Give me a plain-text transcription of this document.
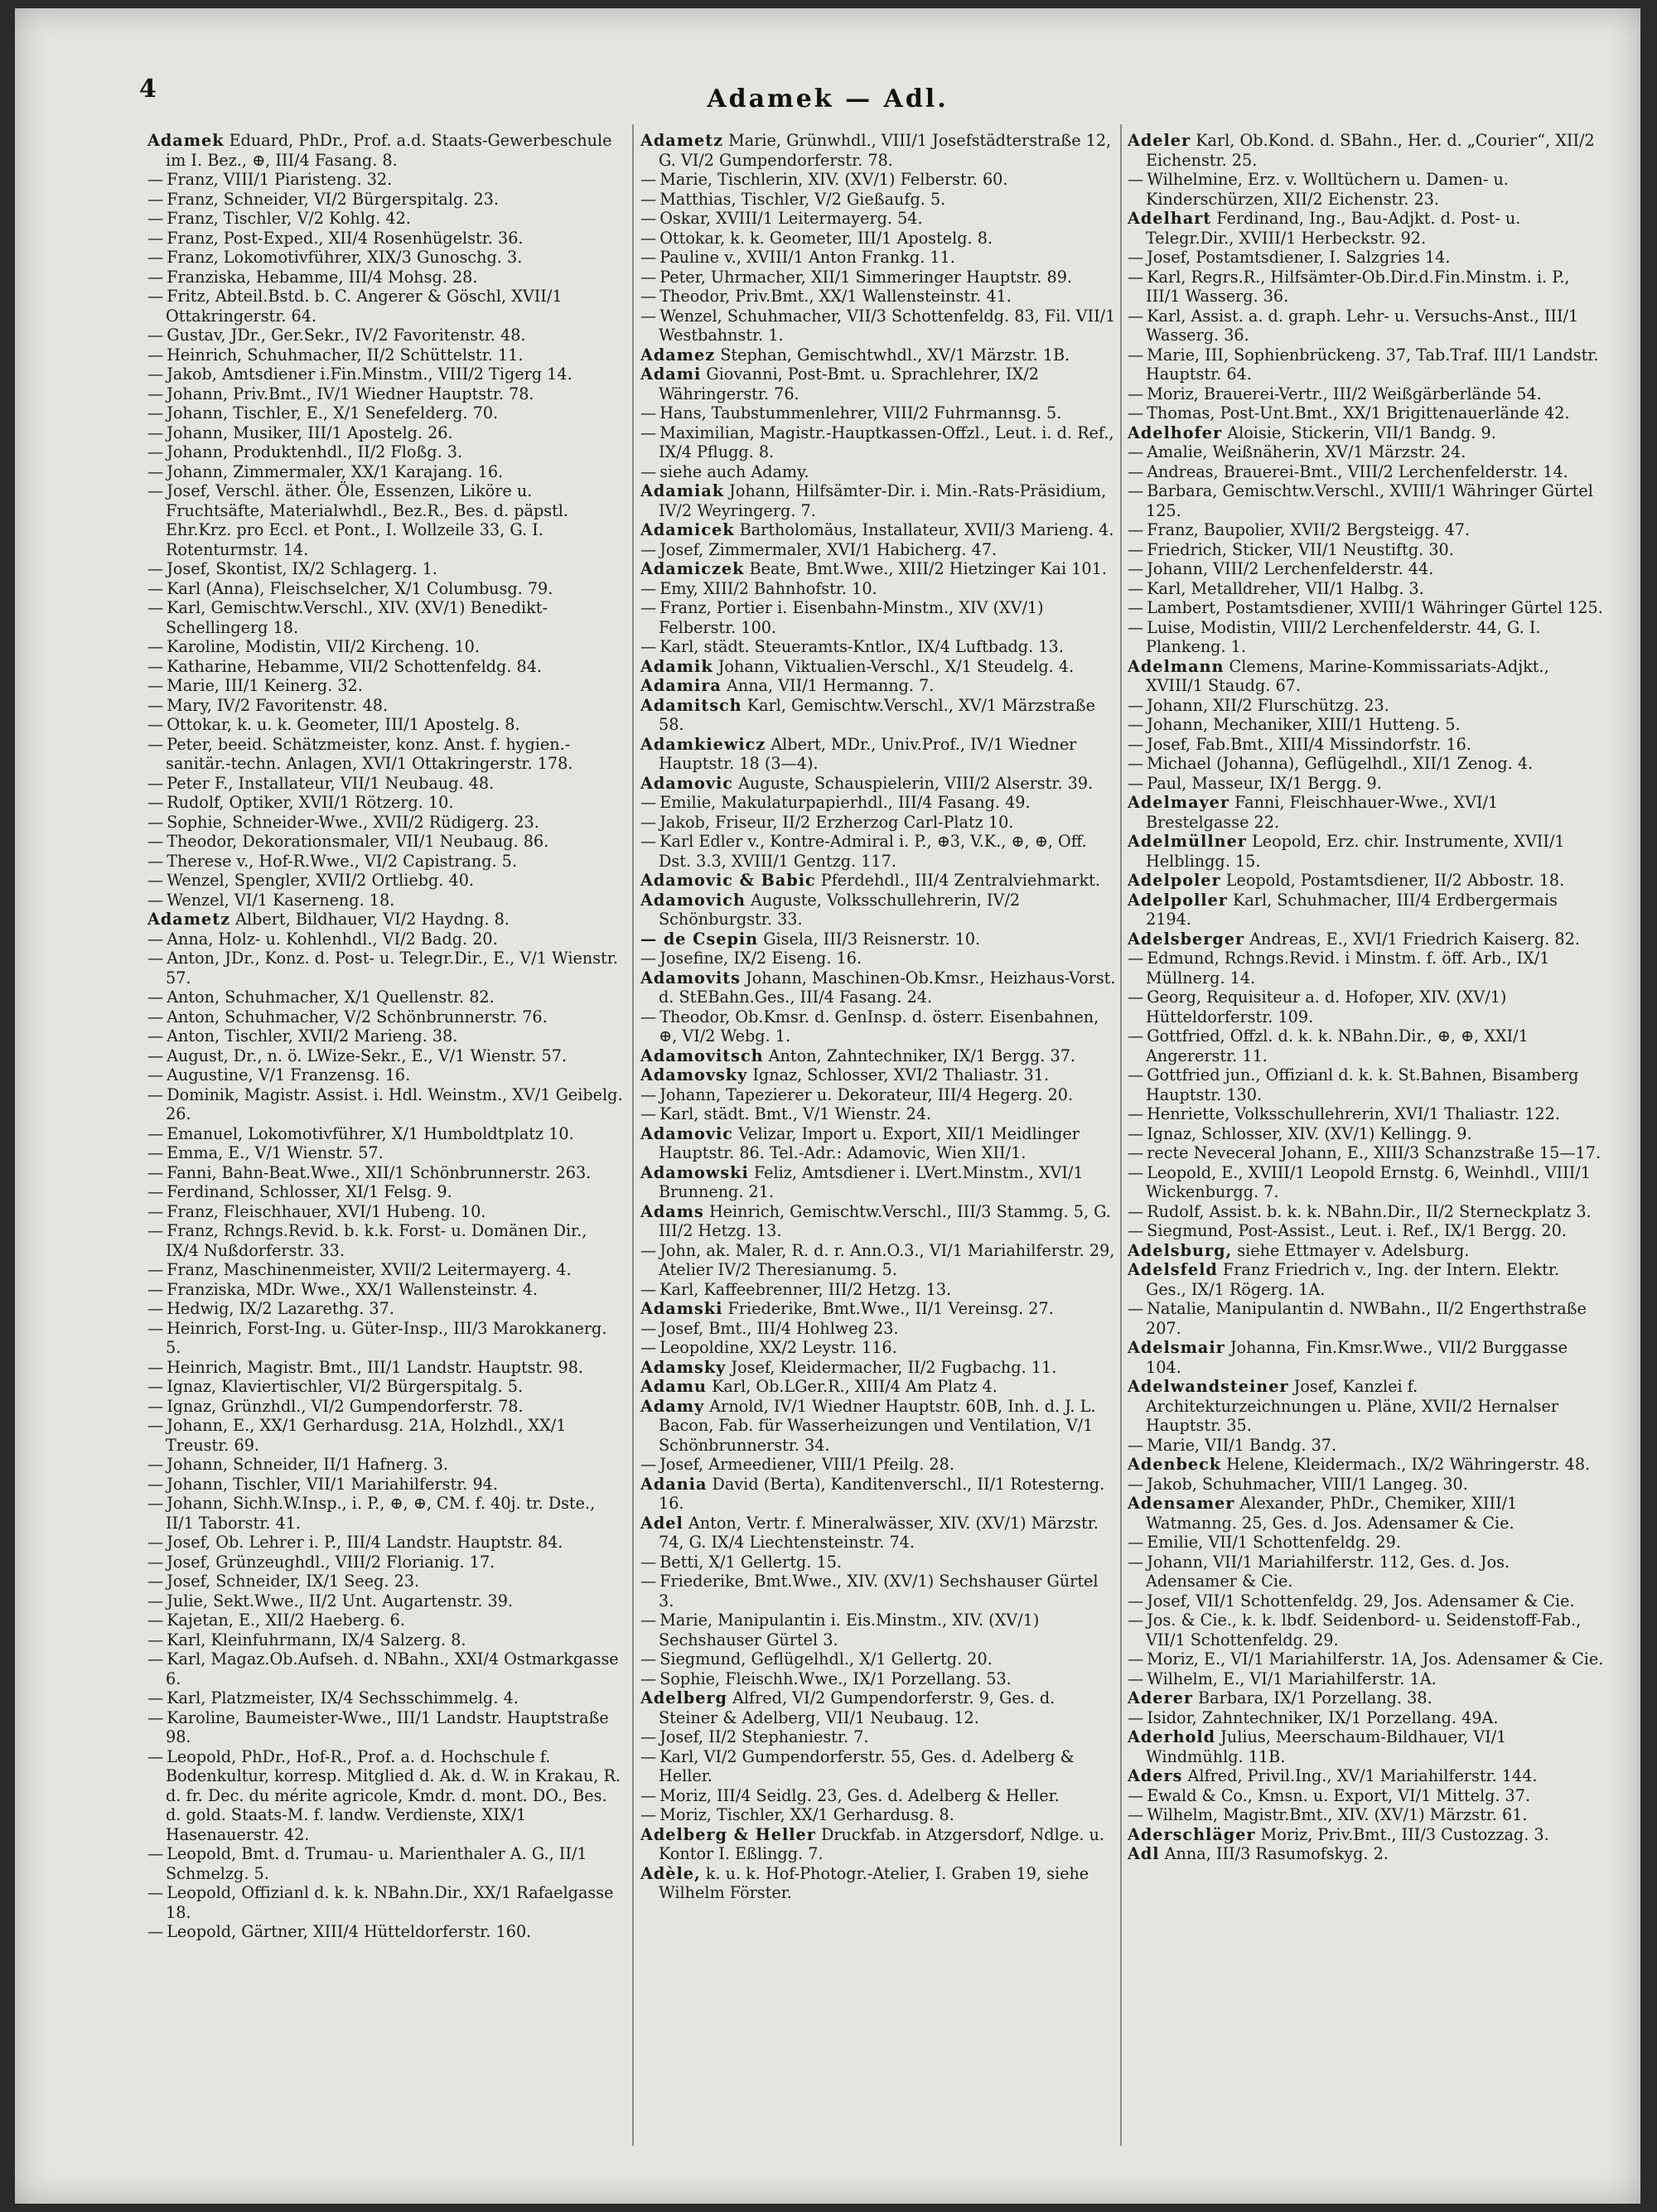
4	Adamek — Adl.

Adamek Eduard, PhDr., Prof. a.d. Staats-Gewerbeschule im I. Bez., ⊕, III/4 Fasang. 8.

— Franz, VIII/1 Piaristeng. 32.

— Franz, Schneider, VI/2 Bürgerspitalg. 23.

— Franz, Tischler, V/2 Kohlg. 42.

— Franz, Post-Exped., XII/4 Rosenhügelstr. 36.

— Franz, Lokomotivführer, XIX/3 Gunoschg. 3.

— Franziska, Hebamme, III/4 Mohsg. 28.

— Fritz, Abteil.Bstd. b. C. Angerer & Göschl, XVII/1 Ottakringerstr. 64.

— Gustav, JDr., Ger.Sekr., IV/2 Favoritenstr. 48.

— Heinrich, Schuhmacher, II/2 Schüttelstr. 11.

— Jakob, Amtsdiener i.Fin.Minstm., VIII/2 Tigerg 14.

— Johann, Priv.Bmt., IV/1 Wiedner Hauptstr. 78.

— Johann, Tischler, E., X/1 Senefelderg. 70.

— Johann, Musiker, III/1 Apostelg. 26.

— Johann, Produktenhdl., II/2 Floßg. 3.

— Johann, Zimmermaler, XX/1 Karajang. 16.

— Josef, Verschl. äther. Öle, Essenzen, Liköre u. Fruchtsäfte, Materialwhdl., Bez.R., Bes. d. päpstl. Ehr.Krz. pro Eccl. et Pont., I. Wollzeile 33, G. I. Rotenturmstr. 14.

— Josef, Skontist, IX/2 Schlagerg. 1.

— Karl (Anna), Fleischselcher, X/1 Columbusg. 79.

— Karl, Gemischtw.Verschl., XIV. (XV/1) Benedikt-Schellingerg 18.

— Karoline, Modistin, VII/2 Kircheng. 10.

— Katharine, Hebamme, VII/2 Schottenfeldg. 84.

— Marie, III/1 Keinerg. 32.

— Mary, IV/2 Favoritenstr. 48.

— Ottokar, k. u. k. Geometer, III/1 Apostelg. 8.

— Peter, beeid. Schätzmeister, konz. Anst. f. hygien.-sanitär.-techn. Anlagen, XVI/1 Ottakringerstr. 178.

— Peter F., Installateur, VII/1 Neubaug. 48.

— Rudolf, Optiker, XVII/1 Rötzerg. 10.

— Sophie, Schneider-Wwe., XVII/2 Rüdigerg. 23.

— Theodor, Dekorationsmaler, VII/1 Neubaug. 86.

— Therese v., Hof-R.Wwe., VI/2 Capistrang. 5.

— Wenzel, Spengler, XVII/2 Ortliebg. 40.

— Wenzel, VI/1 Kaserneng. 18.

Adametz Albert, Bildhauer, VI/2 Haydng. 8.

— Anna, Holz- u. Kohlenhdl., VI/2 Badg. 20.

— Anton, JDr., Konz. d. Post- u. Telegr.Dir., E., V/1 Wienstr. 57.

— Anton, Schuhmacher, X/1 Quellenstr. 82.

— Anton, Schuhmacher, V/2 Schönbrunnerstr. 76.

— Anton, Tischler, XVII/2 Marieng. 38.

— August, Dr., n. ö. LWize-Sekr., E., V/1 Wienstr. 57.

— Augustine, V/1 Franzensg. 16.

— Dominik, Magistr. Assist. i. Hdl. Weinstm., XV/1 Geibelg. 26.

— Emanuel, Lokomotivführer, X/1 Humboldtplatz 10.

— Emma, E., V/1 Wienstr. 57.

— Fanni, Bahn-Beat.Wwe., XII/1 Schönbrunnerstr. 263.

— Ferdinand, Schlosser, XI/1 Felsg. 9.

— Franz, Fleischhauer, XVI/1 Hubeng. 10.

— Franz, Rchngs.Revid. b. k.k. Forst- u. Domänen Dir., IX/4 Nußdorferstr. 33.

— Franz, Maschinenmeister, XVII/2 Leitermayerg. 4.

— Franziska, MDr. Wwe., XX/1 Wallensteinstr. 4.

— Hedwig, IX/2 Lazarethg. 37.

— Heinrich, Forst-Ing. u. Güter-Insp., III/3 Marokkanerg. 5.

— Heinrich, Magistr. Bmt., III/1 Landstr. Hauptstr. 98.

— Ignaz, Klaviertischler, VI/2 Bürgerspitalg. 5.

— Ignaz, Grünzhdl., VI/2 Gumpendorferstr. 78.

— Johann, E., XX/1 Gerhardusg. 21A, Holzhdl., XX/1 Treustr. 69.

— Johann, Schneider, II/1 Hafnerg. 3.

— Johann, Tischler, VII/1 Mariahilferstr. 94.

— Johann, Sichh.W.Insp., i. P., ⊕, ⊕, CM. f. 40j. tr. Dste., II/1 Taborstr. 41.

— Josef, Ob. Lehrer i. P., III/4 Landstr. Hauptstr. 84.

— Josef, Grünzeughdl., VIII/2 Florianig. 17.

— Josef, Schneider, IX/1 Seeg. 23.

— Julie, Sekt.Wwe., II/2 Unt. Augartenstr. 39.

— Kajetan, E., XII/2 Haeberg. 6.

— Karl, Kleinfuhrmann, IX/4 Salzerg. 8.

— Karl, Magaz.Ob.Aufseh. d. NBahn., XXI/4 Ostmarkgasse 6.

— Karl, Platzmeister, IX/4 Sechsschimmelg. 4.

— Karoline, Baumeister-Wwe., III/1 Landstr. Hauptstraße 98.

— Leopold, PhDr., Hof-R., Prof. a. d. Hochschule f. Bodenkultur, korresp. Mitglied d. Ak. d. W. in Krakau, R. d. fr. Dec. du mérite agricole, Kmdr. d. mont. DO., Bes. d. gold. Staats-M. f. landw. Verdienste, XIX/1 Hasenauerstr. 42.

— Leopold, Bmt. d. Trumau- u. Marienthaler A. G., II/1 Schmelzg. 5.

— Leopold, Offizianl d. k. k. NBahn.Dir., XX/1 Rafaelgasse 18.

— Leopold, Gärtner, XIII/4 Hütteldorferstr. 160.

Adametz Marie, Grünwhdl., VIII/1 Josefstädterstraße 12, G. VI/2 Gumpendorferstr. 78.

— Marie, Tischlerin, XIV. (XV/1) Felberstr. 60.

— Matthias, Tischler, V/2 Gießaufg. 5.

— Oskar, XVIII/1 Leitermayerg. 54.

— Ottokar, k. k. Geometer, III/1 Apostelg. 8.

— Pauline v., XVIII/1 Anton Frankg. 11.

— Peter, Uhrmacher, XII/1 Simmeringer Hauptstr. 89.

— Theodor, Priv.Bmt., XX/1 Wallensteinstr. 41.

— Wenzel, Schuhmacher, VII/3 Schottenfeldg. 83, Fil. VII/1 Westbahnstr. 1.

Adamez Stephan, Gemischtwhdl., XV/1 Märzstr. 1B.

Adami Giovanni, Post-Bmt. u. Sprachlehrer, IX/2 Währingerstr. 76.

— Hans, Taubstummenlehrer, VIII/2 Fuhrmannsg. 5.

— Maximilian, Magistr.-Hauptkassen-Offzl., Leut. i. d. Ref., IX/4 Pflugg. 8.

— siehe auch Adamy.

Adamiak Johann, Hilfsämter-Dir. i. Min.-Rats-Präsidium, IV/2 Weyringerg. 7.

Adamicek Bartholomäus, Installateur, XVII/3 Marieng. 4.

— Josef, Zimmermaler, XVI/1 Habicherg. 47.

Adamiczek Beate, Bmt.Wwe., XIII/2 Hietzinger Kai 101.

— Emy, XIII/2 Bahnhofstr. 10.

— Franz, Portier i. Eisenbahn-Minstm., XIV (XV/1) Felberstr. 100.

— Karl, städt. Steueramts-Kntlor., IX/4 Luftbadg. 13.

Adamik Johann, Viktualien-Verschl., X/1 Steudelg. 4.

Adamira Anna, VII/1 Hermanng. 7.

Adamitsch Karl, Gemischtw.Verschl., XV/1 Märzstraße 58.

Adamkiewicz Albert, MDr., Univ.Prof., IV/1 Wiedner Hauptstr. 18 (3—4).

Adamovic Auguste, Schauspielerin, VIII/2 Alserstr. 39.

— Emilie, Makulaturpapierhdl., III/4 Fasang. 49.

— Jakob, Friseur, II/2 Erzherzog Carl-Platz 10.

— Karl Edler v., Kontre-Admiral i. P., ⊕3, V.K., ⊕, ⊕, Off. Dst. 3.3, XVIII/1 Gentzg. 117.

Adamovic & Babic Pferdehdl., III/4 Zentralviehmarkt.

Adamovich Auguste, Volksschullehrerin, IV/2 Schönburgstr. 33.

— de Csepin Gisela, III/3 Reisnerstr. 10.

— Josefine, IX/2 Eiseng. 16.

Adamovits Johann, Maschinen-Ob.Kmsr., Heizhaus-Vorst. d. StEBahn.Ges., III/4 Fasang. 24.

— Theodor, Ob.Kmsr. d. GenInsp. d. österr. Eisenbahnen, ⊕, VI/2 Webg. 1.

Adamovitsch Anton, Zahntechniker, IX/1 Bergg. 37.

Adamovsky Ignaz, Schlosser, XVI/2 Thaliastr. 31.

— Johann, Tapezierer u. Dekorateur, III/4 Hegerg. 20.

— Karl, städt. Bmt., V/1 Wienstr. 24.

Adamovic Velizar, Import u. Export, XII/1 Meidlinger Hauptstr. 86. Tel.-Adr.: Adamovic, Wien XII/1.

Adamowski Feliz, Amtsdiener i. LVert.Minstm., XVI/1 Brunneng. 21.

Adams Heinrich, Gemischtw.Verschl., III/3 Stammg. 5, G. III/2 Hetzg. 13.

— John, ak. Maler, R. d. r. Ann.O.3., VI/1 Mariahilferstr. 29, Atelier IV/2 Theresianumg. 5.

— Karl, Kaffeebrenner, III/2 Hetzg. 13.

Adamski Friederike, Bmt.Wwe., II/1 Vereinsg. 27.

— Josef, Bmt., III/4 Hohlweg 23.

— Leopoldine, XX/2 Leystr. 116.

Adamsky Josef, Kleidermacher, II/2 Fugbachg. 11.

Adamu Karl, Ob.LGer.R., XIII/4 Am Platz 4.

Adamy Arnold, IV/1 Wiedner Hauptstr. 60B, Inh. d. J. L. Bacon, Fab. für Wasserheizungen und Ventilation, V/1 Schönbrunnerstr. 34.

— Josef, Armeediener, VIII/1 Pfeilg. 28.

Adania David (Berta), Kanditenverschl., II/1 Rotesterng. 16.

Adel Anton, Vertr. f. Mineralwässer, XIV. (XV/1) Märzstr. 74, G. IX/4 Liechtensteinstr. 74.

— Betti, X/1 Gellertg. 15.

— Friederike, Bmt.Wwe., XIV. (XV/1) Sechshauser Gürtel 3.

— Marie, Manipulantin i. Eis.Minstm., XIV. (XV/1) Sechshauser Gürtel 3.

— Siegmund, Geflügelhdl., X/1 Gellertg. 20.

— Sophie, Fleischh.Wwe., IX/1 Porzellang. 53.

Adelberg Alfred, VI/2 Gumpendorferstr. 9, Ges. d. Steiner & Adelberg, VII/1 Neubaug. 12.

— Josef, II/2 Stephaniestr. 7.

— Karl, VI/2 Gumpendorferstr. 55, Ges. d. Adelberg & Heller.

— Moriz, III/4 Seidlg. 23, Ges. d. Adelberg & Heller.

— Moriz, Tischler, XX/1 Gerhardusg. 8.

Adelberg & Heller Druckfab. in Atzgersdorf, Ndlge. u. Kontor I. Eßlingg. 7.

Adèle, k. u. k. Hof-Photogr.-Atelier, I. Graben 19, siehe Wilhelm Förster.

Adeler Karl, Ob.Kond. d. SBahn., Her. d. „Courier“, XII/2 Eichenstr. 25.

— Wilhelmine, Erz. v. Wolltüchern u. Damen- u. Kinderschürzen, XII/2 Eichenstr. 23.

Adelhart Ferdinand, Ing., Bau-Adjkt. d. Post- u. Telegr.Dir., XVIII/1 Herbeckstr. 92.

— Josef, Postamtsdiener, I. Salzgries 14.

— Karl, Regrs.R., Hilfsämter-Ob.Dir.d.Fin.Minstm. i. P., III/1 Wasserg. 36.

— Karl, Assist. a. d. graph. Lehr- u. Versuchs-Anst., III/1 Wasserg. 36.

— Marie, III, Sophienbrückeng. 37, Tab.Traf. III/1 Landstr. Hauptstr. 64.

— Moriz, Brauerei-Vertr., III/2 Weißgärberlände 54.

— Thomas, Post-Unt.Bmt., XX/1 Brigittenauerlände 42.

Adelhofer Aloisie, Stickerin, VII/1 Bandg. 9.

— Amalie, Weißnäherin, XV/1 Märzstr. 24.

— Andreas, Brauerei-Bmt., VIII/2 Lerchenfelderstr. 14.

— Barbara, Gemischtw.Verschl., XVIII/1 Währinger Gürtel 125.

— Franz, Baupolier, XVII/2 Bergsteigg. 47.

— Friedrich, Sticker, VII/1 Neustiftg. 30.

— Johann, VIII/2 Lerchenfelderstr. 44.

— Karl, Metalldreher, VII/1 Halbg. 3.

— Lambert, Postamtsdiener, XVIII/1 Währinger Gürtel 125.

— Luise, Modistin, VIII/2 Lerchenfelderstr. 44, G. I. Plankeng. 1.

Adelmann Clemens, Marine-Kommissariats-Adjkt., XVIII/1 Staudg. 67.

— Johann, XII/2 Flurschützg. 23.

— Johann, Mechaniker, XIII/1 Hutteng. 5.

— Josef, Fab.Bmt., XIII/4 Missindorfstr. 16.

— Michael (Johanna), Geflügelhdl., XII/1 Zenog. 4.

— Paul, Masseur, IX/1 Bergg. 9.

Adelmayer Fanni, Fleischhauer-Wwe., XVI/1 Brestelgasse 22.

Adelmüllner Leopold, Erz. chir. Instrumente, XVII/1 Helblingg. 15.

Adelpoler Leopold, Postamtsdiener, II/2 Abbostr. 18.

Adelpoller Karl, Schuhmacher, III/4 Erdbergermais 2194.

Adelsberger Andreas, E., XVI/1 Friedrich Kaiserg. 82.

— Edmund, Rchngs.Revid. i Minstm. f. öff. Arb., IX/1 Müllnerg. 14.

— Georg, Requisiteur a. d. Hofoper, XIV. (XV/1) Hütteldorferstr. 109.

— Gottfried, Offzl. d. k. k. NBahn.Dir., ⊕, ⊕, XXI/1 Angererstr. 11.

— Gottfried jun., Offizianl d. k. k. St.Bahnen, Bisamberg Hauptstr. 130.

— Henriette, Volksschullehrerin, XVI/1 Thaliastr. 122.

— Ignaz, Schlosser, XIV. (XV/1) Kellingg. 9.

— recte Neveceral Johann, E., XIII/3 Schanzstraße 15—17.

— Leopold, E., XVIII/1 Leopold Ernstg. 6, Weinhdl., VIII/1 Wickenburgg. 7.

— Rudolf, Assist. b. k. k. NBahn.Dir., II/2 Sterneckplatz 3.

— Siegmund, Post-Assist., Leut. i. Ref., IX/1 Bergg. 20.

Adelsburg, siehe Ettmayer v. Adelsburg.

Adelsfeld Franz Friedrich v., Ing. der Intern. Elektr. Ges., IX/1 Rögerg. 1A.

— Natalie, Manipulantin d. NWBahn., II/2 Engerthstraße 207.

Adelsmair Johanna, Fin.Kmsr.Wwe., VII/2 Burggasse 104.

Adelwandsteiner Josef, Kanzlei f. Architekturzeichnungen u. Pläne, XVII/2 Hernalser Hauptstr. 35.

— Marie, VII/1 Bandg. 37.

Adenbeck Helene, Kleidermach., IX/2 Währingerstr. 48.

— Jakob, Schuhmacher, VIII/1 Langeg. 30.

Adensamer Alexander, PhDr., Chemiker, XIII/1 Watmanng. 25, Ges. d. Jos. Adensamer & Cie.

— Emilie, VII/1 Schottenfeldg. 29.

— Johann, VII/1 Mariahilferstr. 112, Ges. d. Jos. Adensamer & Cie.

— Josef, VII/1 Schottenfeldg. 29, Jos. Adensamer & Cie.

— Jos. & Cie., k. k. lbdf. Seidenbord- u. Seidenstoff-Fab., VII/1 Schottenfeldg. 29.

— Moriz, E., VI/1 Mariahilferstr. 1A, Jos. Adensamer & Cie.

— Wilhelm, E., VI/1 Mariahilferstr. 1A.

Aderer Barbara, IX/1 Porzellang. 38.

— Isidor, Zahntechniker, IX/1 Porzellang. 49A.

Aderhold Julius, Meerschaum-Bildhauer, VI/1 Windmühlg. 11B.

Aders Alfred, Privil.Ing., XV/1 Mariahilferstr. 144.

— Ewald & Co., Kmsn. u. Export, VI/1 Mittelg. 37.

— Wilhelm, Magistr.Bmt., XIV. (XV/1) Märzstr. 61.

Aderschläger Moriz, Priv.Bmt., III/3 Custozzag. 3.

Adl Anna, III/3 Rasumofskyg. 2.
